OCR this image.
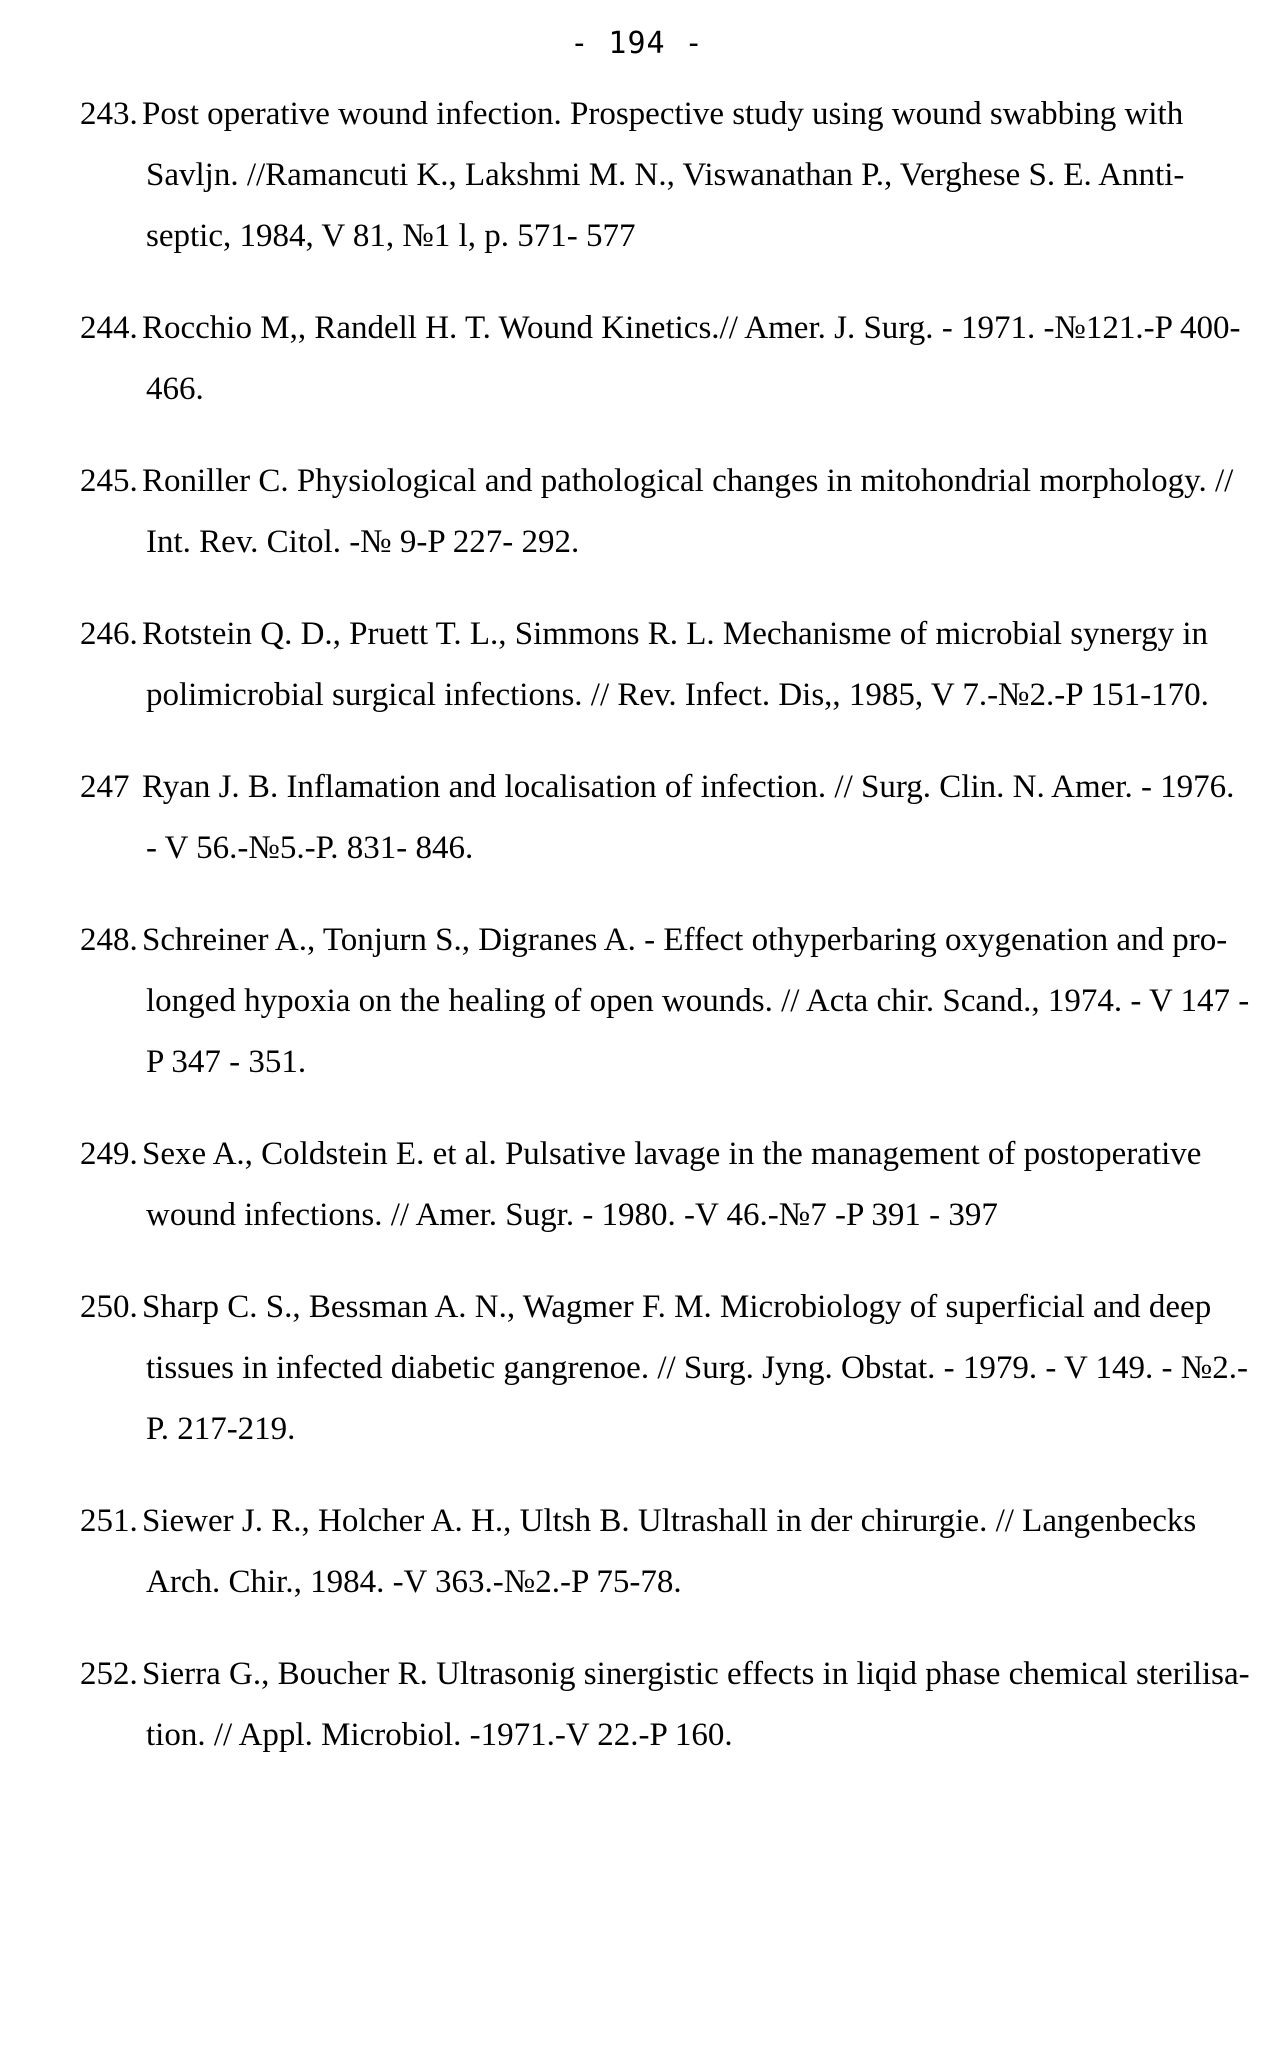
- 194 -
243. Post operative wound infection. Prospective study using wound swabbing with Savljn. //Ramancuti K., Lakshmi M. N., Viswanathan P., Verghese S. E. Annti-septic, 1984, V 81, №1 l, p. 571- 577
244. Rocchio M,, Randell H. T. Wound Kinetics.// Amer. J. Surg. - 1971. -№121.-P 400- 466.
245. Roniller C. Physiological and pathological changes in mitohondrial morphology. // Int. Rev. Citol. -№ 9-P 227- 292.
246. Rotstein Q. D., Pruett T. L., Simmons R. L. Mechanisme of microbial synergy in polimicrobial surgical infections. // Rev. Infect. Dis,, 1985, V 7.-№2.-P 151-170.
247 Ryan J. B. Inflamation and localisation of infection. // Surg. Clin. N. Amer. - 1976. - V 56.-№5.-P. 831- 846.
248. Schreiner A., Tonjurn S., Digranes A. - Effect othyperbaring oxygenation and pro-longed hypoxia on the healing of open wounds. // Acta chir. Scand., 1974. - V 147 - P 347 - 351.
249. Sexe A., Coldstein E. et al. Pulsative lavage in the management of postoperative wound infections. // Amer. Sugr. - 1980. -V 46.-№7 -P 391 - 397
250. Sharp C. S., Bessman A. N., Wagmer F. M. Microbiology of superficial and deep tissues in infected diabetic gangrenoe. // Surg. Jyng. Obstat. - 1979. - V 149. - №2.-P. 217-219.
251. Siewer J. R., Holcher A. H., Ultsh B. Ultrashall in der chirurgie. // Langenbecks Arch. Chir., 1984. -V 363.-№2.-P 75-78.
252. Sierra G., Boucher R. Ultrasonig sinergistic effects in liqid phase chemical sterilisa-tion. // Appl. Microbiol. -1971.-V 22.-P 160.
